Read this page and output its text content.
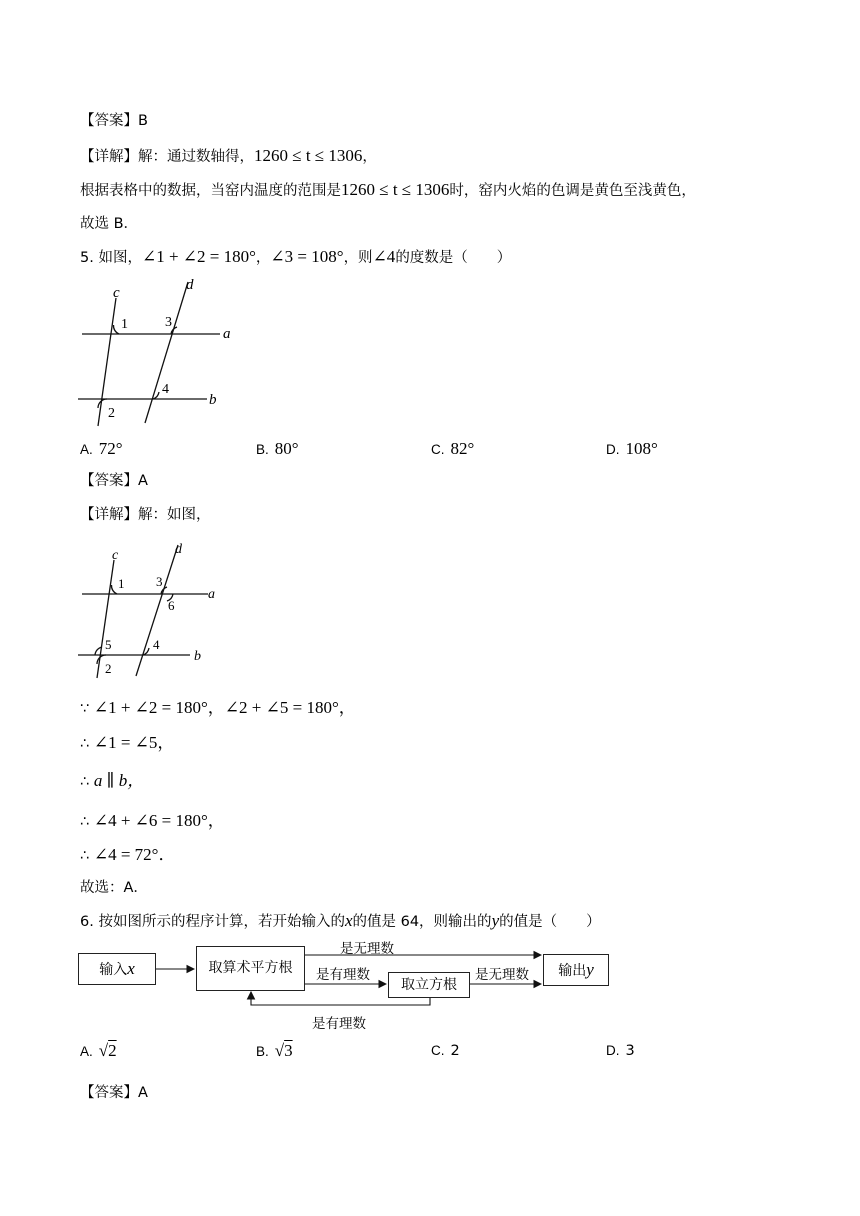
【答案】B
【详解】解：通过数轴得，1260 ≤ t ≤ 1306，
根据表格中的数据，当窑内温度的范围是1260 ≤ t ≤ 1306时，窑内火焰的色调是黄色至浅黄色，
故选 B．
5. 如图，∠1 + ∠2 = 180°，∠3 = 108°，则∠4的度数是（　　）
c	d
a
b
1
2
3
4
A. 72°	B. 80°	C. 82°	D. 108°
【答案】A
【详解】解：如图，
c	d
a
b
1
2
3
4
5
6
∵ ∠1 + ∠2 = 180°，∠2 + ∠5 = 180°，
∴ ∠1 = ∠5，
∴ a ∥ b，
∴ ∠4 + ∠6 = 180°，
∴ ∠4 = 72°．
故选：A．
6. 按如图所示的程序计算，若开始输入的x的值是 64，则输出的y的值是（　　）
输入x	取算术平方根
取立方根
输出y
是无理数
是有理数	是无理数
是有理数
A. √2	B. √3	C. 2	D. 3
【答案】A
